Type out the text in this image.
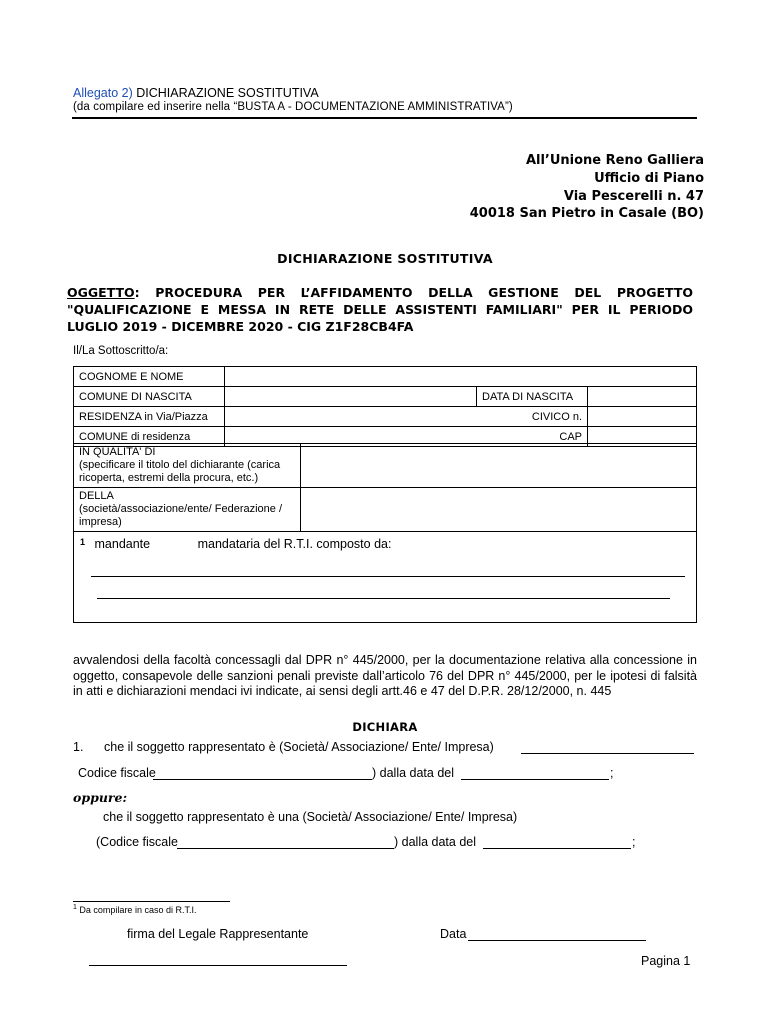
Allegato 2) DICHIARAZIONE SOSTITUTIVA
(da compilare ed inserire nella “BUSTA A - DOCUMENTAZIONE AMMINISTRATIVA”)
All’Unione Reno Galliera
Ufficio di Piano
Via Pescerelli n. 47
40018 San Pietro in Casale (BO)
DICHIARAZIONE SOSTITUTIVA
OGGETTO: PROCEDURA PER L’AFFIDAMENTO DELLA GESTIONE DEL PROGETTO "QUALIFICAZIONE E MESSA IN RETE DELLE ASSISTENTI FAMILIARI" PER IL PERIODO LUGLIO 2019 - DICEMBRE 2020 - CIG Z1F28CB4FA
Il/La Sottoscritto/a:
COGNOME E NOME			
COMUNE DI NASCITA		DATA DI NASCITA	
RESIDENZA in Via/Piazza	CIVICO n.		
COMUNE di residenza	CAP		
IN QUALITA' DI
(specificare il titolo del dichiarante (carica ricoperta, estremi della procura, etc.)	
DELLA
(società/associazione/ente/ Federazione / impresa)	
$^1$ mandante	mandataria del R.T.I. composto da:
avvalendosi della facoltà concessagli dal DPR n° 445/2000, per la documentazione relativa alla concessione in oggetto, consapevole delle sanzioni penali previste dall’articolo 76 del DPR n° 445/2000, per le ipotesi di falsità in atti e dichiarazioni mendaci ivi indicate, ai sensi degli artt.46 e 47 del D.P.R. 28/12/2000, n. 445
DICHIARA
1. che il soggetto rappresentato è (Società/ Associazione/ Ente/ Impresa)
Codice fiscale	) dalla data del	;
oppure:
che il soggetto rappresentato è una (Società/ Associazione/ Ente/ Impresa)
(Codice fiscale	) dalla data del	;
$^1$ Da compilare in caso di R.T.I.
firma del Legale Rappresentante	Data
Pagina 1
